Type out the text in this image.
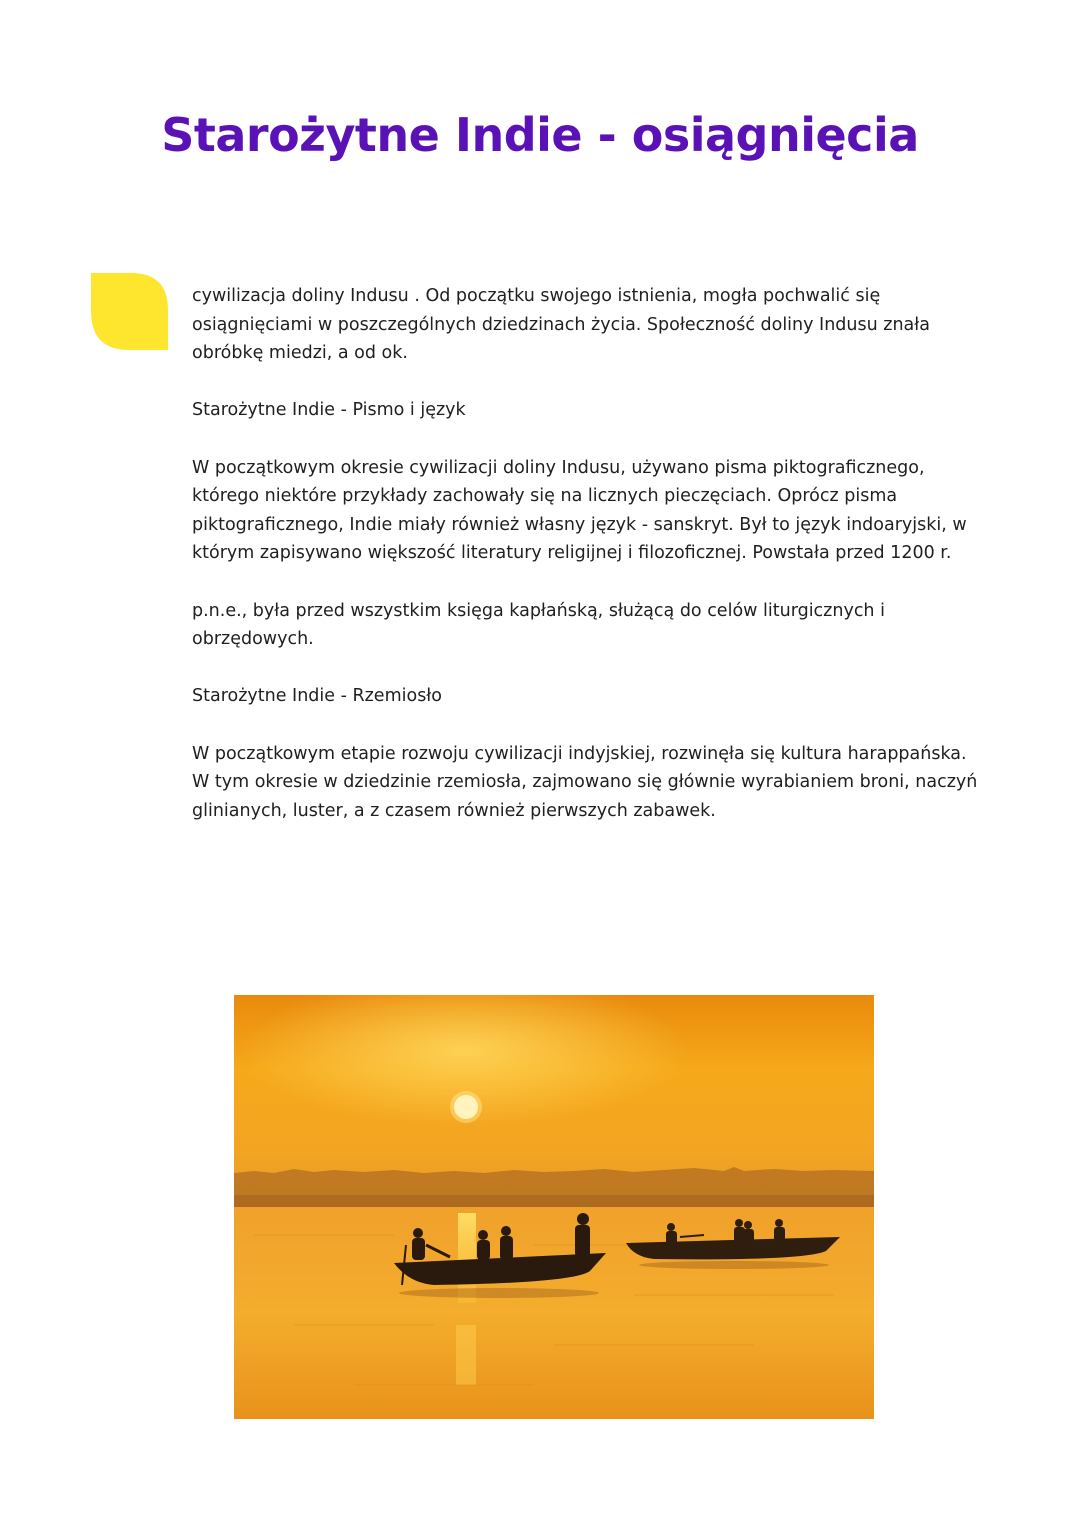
Starożytne Indie - osiągnięcia

cywilizacja doliny Indusu . Od początku swojego istnienia, mogła pochwalić się osiągnięciami w poszczególnych dziedzinach życia. Społeczność doliny Indusu znała obróbkę miedzi, a od ok.

Starożytne Indie - Pismo i język

W początkowym okresie cywilizacji doliny Indusu, używano pisma piktograficznego, którego niektóre przykłady zachowały się na licznych pieczęciach. Oprócz pisma piktograficznego, Indie miały również własny język - sanskryt. Był to język indoaryjski, w którym zapisywano większość literatury religijnej i filozoficznej. Powstała przed 1200 r.

p.n.e., była przed wszystkim księga kapłańską, służącą do celów liturgicznych i obrzędowych.

Starożytne Indie - Rzemiosło

W początkowym etapie rozwoju cywilizacji indyjskiej, rozwinęła się kultura harappańska. W tym okresie w dziedzinie rzemiosła, zajmowano się głównie wyrabianiem broni, naczyń glinianych, luster, a z czasem również pierwszych zabawek.
